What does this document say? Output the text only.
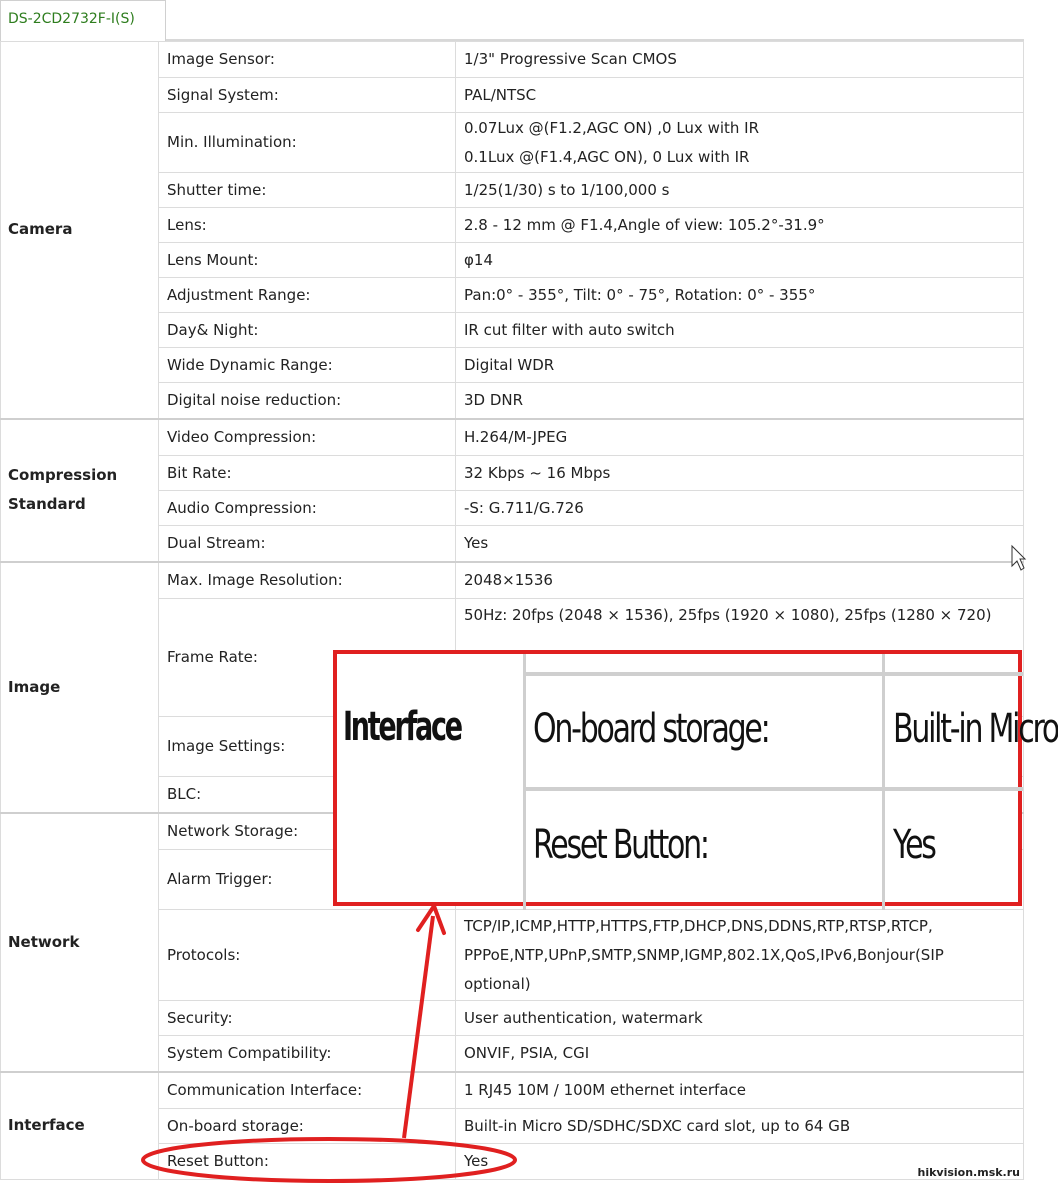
DS-2CD2732F-I(S)
Camera	Image Sensor:	1/3" Progressive Scan CMOS
	Signal System:	PAL/NTSC
	Min. Illumination:	0.07Lux @(F1.2,AGC ON) ,0 Lux with IR
0.1Lux @(F1.4,AGC ON), 0 Lux with IR

	Shutter time:	1/25(1/30) s to 1/100,000 s
	Lens:	2.8 - 12 mm @ F1.4,Angle of view: 105.2°-31.9°
	Lens Mount:	φ14
	Adjustment Range:	Pan:0° - 355°, Tilt: 0° - 75°, Rotation: 0° - 355°
	Day& Night:	IR cut filter with auto switch
	Wide Dynamic Range:	Digital WDR
	Digital noise reduction:	3D DNR

Compression
Standard	Video Compression:	H.264/M-JPEG
	Bit Rate:	32 Kbps ~ 16 Mbps
	Audio Compression:	-S: G.711/G.726
	Dual Stream:	Yes
Image	Max. Image Resolution:	2048×1536
	Frame Rate:	50Hz: 20fps (2048 × 1536), 25fps (1920 × 1080), 25fps (1280 × 720)
	Image Settings:	
	BLC:	
Network	Network Storage:	
	Alarm Trigger:	
	Protocols:	TCP/IP,ICMP,HTTP,HTTPS,FTP,DHCP,DNS,DDNS,RTP,RTSP,RTCP,
PPPoE,NTP,UPnP,SMTP,SNMP,IGMP,802.1X,QoS,IPv6,Bonjour(SIP
optional)

	Security:	User authentication, watermark
	System Compatibility:	ONVIF, PSIA, CGI
Interface	Communication Interface:	1 RJ45 10M / 100M ethernet interface
	On-board storage:	Built-in Micro SD/SDHC/SDXC card slot, up to 64 GB
	Reset Button:	Yes
Interface On-board storage:	Built-in Micro
Reset Button:	Yes
hikvision.msk.ru
